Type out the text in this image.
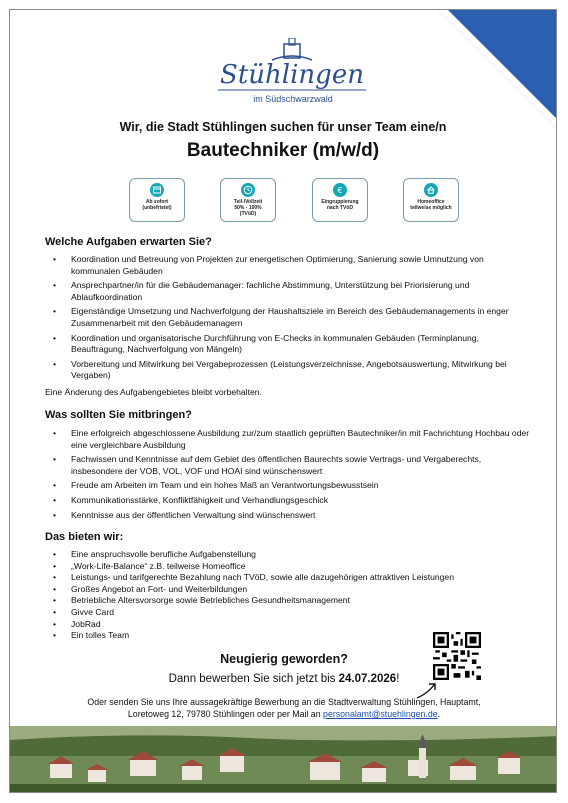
Stühlingen
im Südschwarzwald
Wir, die Stadt Stühlingen suchen für unser Team eine/n
Bautechniker (m/w/d)
Ab sofort
(unbefristet)
Teil-/Vollzeit
50% - 100%
(TVöD)
€
Eingruppierung
nach TVöD
Homeoffice
teilweise möglich
Welche Aufgaben erwarten Sie?
• Koordination und Betreuung von Projekten zur energetischen Optimierung, Sanierung sowie Umnutzung von kommunalen Gebäuden
• Ansprechpartner/in für die Gebäudemanager: fachliche Abstimmung, Unterstützung bei Priorisierung und Ablaufkoordination
• Eigenständige Umsetzung und Nachverfolgung der Haushaltsziele im Bereich des Gebäudemanagements in enger Zusammenarbeit mit den Gebäudemanagern
• Koordination und organisatorische Durchführung von E-Checks in kommunalen Gebäuden (Terminplanung, Beauftragung, Nachverfolgung von Mängeln)
• Vorbereitung und Mitwirkung bei Vergabeprozessen (Leistungsverzeichnisse, Angebotsauswertung, Mitwirkung bei Vergaben)
Eine Änderung des Aufgabengebietes bleibt vorbehalten.
Was sollten Sie mitbringen?
• Eine erfolgreich abgeschlossene Ausbildung zur/zum staatlich geprüften Bautechniker/in mit Fachrichtung Hochbau oder eine vergleichbare Ausbildung
• Fachwissen und Kenntnisse auf dem Gebiet des öffentlichen Baurechts sowie Vertrags- und Vergaberechts, insbesondere der VOB, VOL, VOF und HOAI sind wünschenswert
• Freude am Arbeiten im Team und ein hohes Maß an Verantwortungsbewusstsein
• Kommunikationsstärke, Konfliktfähigkeit und Verhandlungsgeschick
• Kenntnisse aus der öffentlichen Verwaltung sind wünschenswert
Das bieten wir:
• Eine anspruchsvolle berufliche Aufgabenstellung
• „Work-Life-Balance“ z.B. teilweise Homeoffice
• Leistungs- und tarifgerechte Bezahlung nach TVöD, sowie alle dazugehörigen attraktiven Leistungen
• Großes Angebot an Fort- und Weiterbildungen
• Betriebliche Altersvorsorge sowie Betriebliches Gesundheitsmanagement
• Givve Card
• JobRad
• Ein tolles Team
Neugierig geworden?
Dann bewerben Sie sich jetzt bis 24.07.2026!
Oder senden Sie uns Ihre aussagekräftige Bewerbung an die Stadtverwaltung Stühlingen, Hauptamt,
Loretoweg 12, 79780 Stühlingen oder per Mail an personalamt@stuehlingen.de.
